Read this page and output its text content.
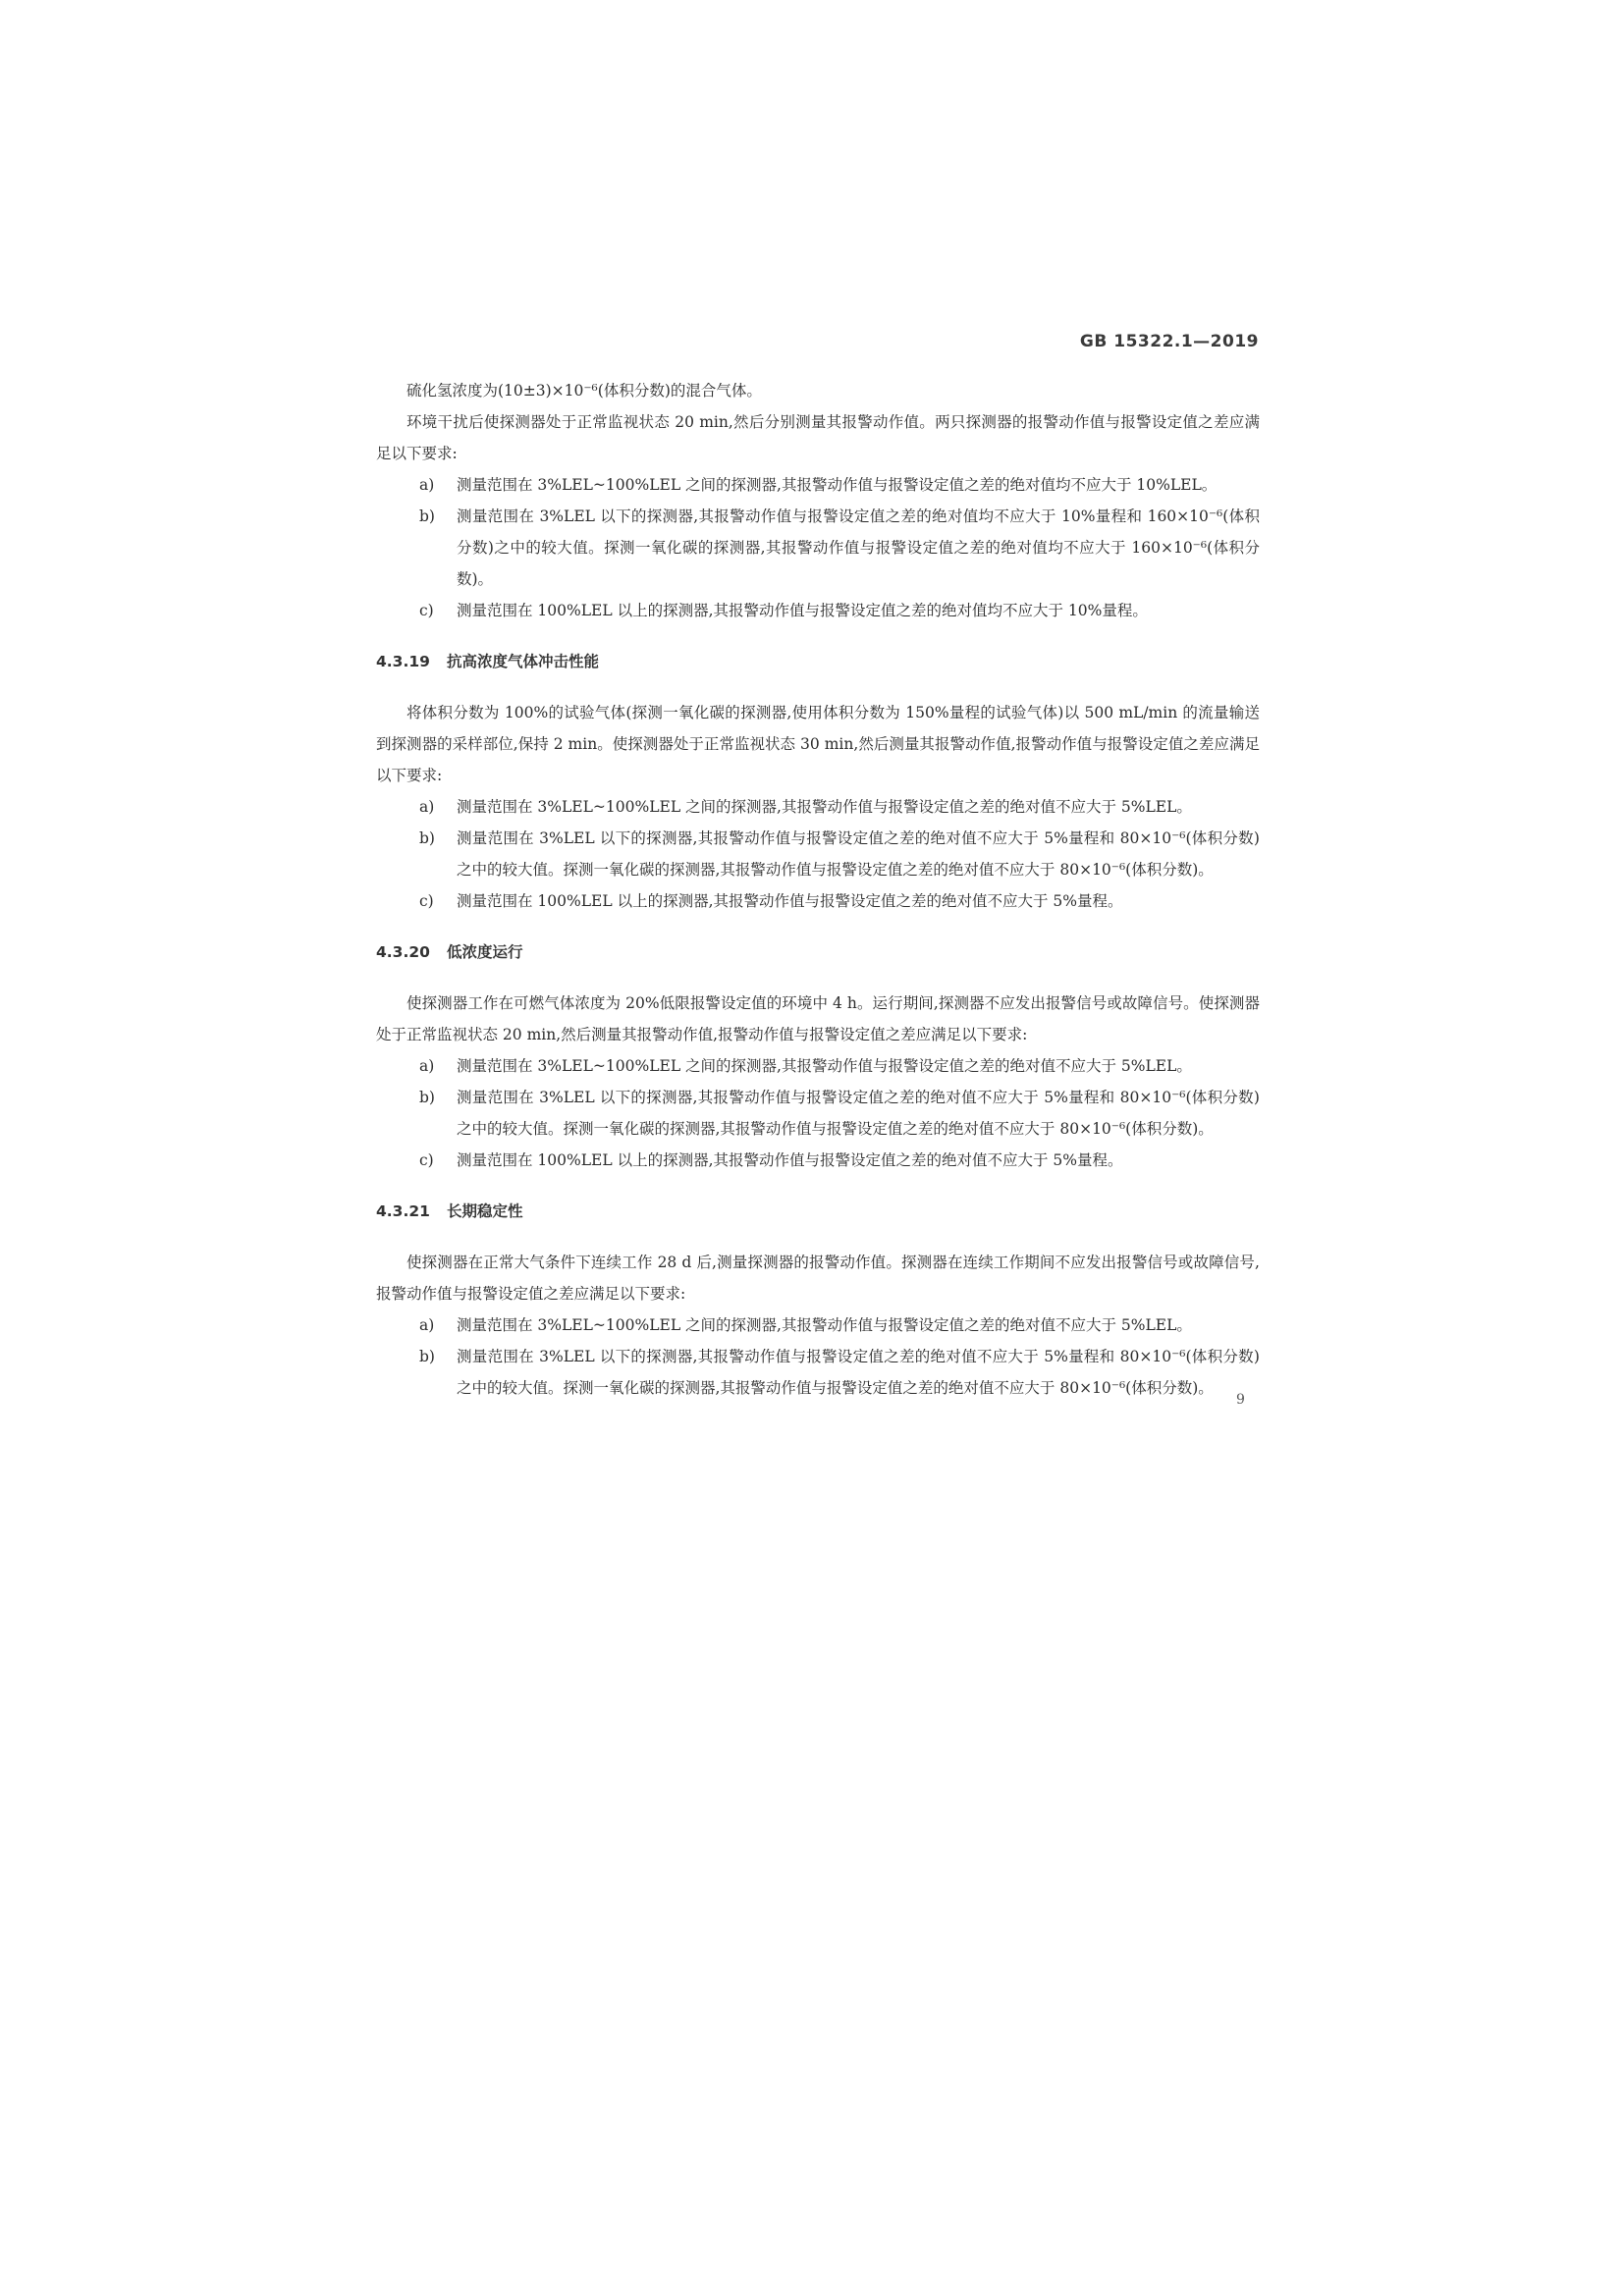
GB 15322.1—2019

硫化氢浓度为(10±3)×10⁻⁶(体积分数)的混合气体。

环境干扰后使探测器处于正常监视状态 20 min,然后分别测量其报警动作值。两只探测器的报警动作值与报警设定值之差应满足以下要求:

a)	测量范围在 3%LEL~100%LEL 之间的探测器,其报警动作值与报警设定值之差的绝对值均不应大于 10%LEL。
b)	测量范围在 3%LEL 以下的探测器,其报警动作值与报警设定值之差的绝对值均不应大于 10%量程和 160×10⁻⁶(体积分数)之中的较大值。探测一氧化碳的探测器,其报警动作值与报警设定值之差的绝对值均不应大于 160×10⁻⁶(体积分数)。
c)	测量范围在 100%LEL 以上的探测器,其报警动作值与报警设定值之差的绝对值均不应大于 10%量程。
4.3.19	抗高浓度气体冲击性能

将体积分数为 100%的试验气体(探测一氧化碳的探测器,使用体积分数为 150%量程的试验气体)以 500 mL/min 的流量输送到探测器的采样部位,保持 2 min。使探测器处于正常监视状态 30 min,然后测量其报警动作值,报警动作值与报警设定值之差应满足以下要求:

a)	测量范围在 3%LEL~100%LEL 之间的探测器,其报警动作值与报警设定值之差的绝对值不应大于 5%LEL。
b)	测量范围在 3%LEL 以下的探测器,其报警动作值与报警设定值之差的绝对值不应大于 5%量程和 80×10⁻⁶(体积分数)之中的较大值。探测一氧化碳的探测器,其报警动作值与报警设定值之差的绝对值不应大于 80×10⁻⁶(体积分数)。
c)	测量范围在 100%LEL 以上的探测器,其报警动作值与报警设定值之差的绝对值不应大于 5%量程。
4.3.20	低浓度运行

使探测器工作在可燃气体浓度为 20%低限报警设定值的环境中 4 h。运行期间,探测器不应发出报警信号或故障信号。使探测器处于正常监视状态 20 min,然后测量其报警动作值,报警动作值与报警设定值之差应满足以下要求:

a)	测量范围在 3%LEL~100%LEL 之间的探测器,其报警动作值与报警设定值之差的绝对值不应大于 5%LEL。
b)	测量范围在 3%LEL 以下的探测器,其报警动作值与报警设定值之差的绝对值不应大于 5%量程和 80×10⁻⁶(体积分数)之中的较大值。探测一氧化碳的探测器,其报警动作值与报警设定值之差的绝对值不应大于 80×10⁻⁶(体积分数)。
c)	测量范围在 100%LEL 以上的探测器,其报警动作值与报警设定值之差的绝对值不应大于 5%量程。
4.3.21	长期稳定性

使探测器在正常大气条件下连续工作 28 d 后,测量探测器的报警动作值。探测器在连续工作期间不应发出报警信号或故障信号,报警动作值与报警设定值之差应满足以下要求:

a)	测量范围在 3%LEL~100%LEL 之间的探测器,其报警动作值与报警设定值之差的绝对值不应大于 5%LEL。
b)	测量范围在 3%LEL 以下的探测器,其报警动作值与报警设定值之差的绝对值不应大于 5%量程和 80×10⁻⁶(体积分数)之中的较大值。探测一氧化碳的探测器,其报警动作值与报警设定值之差的绝对值不应大于 80×10⁻⁶(体积分数)。
9
